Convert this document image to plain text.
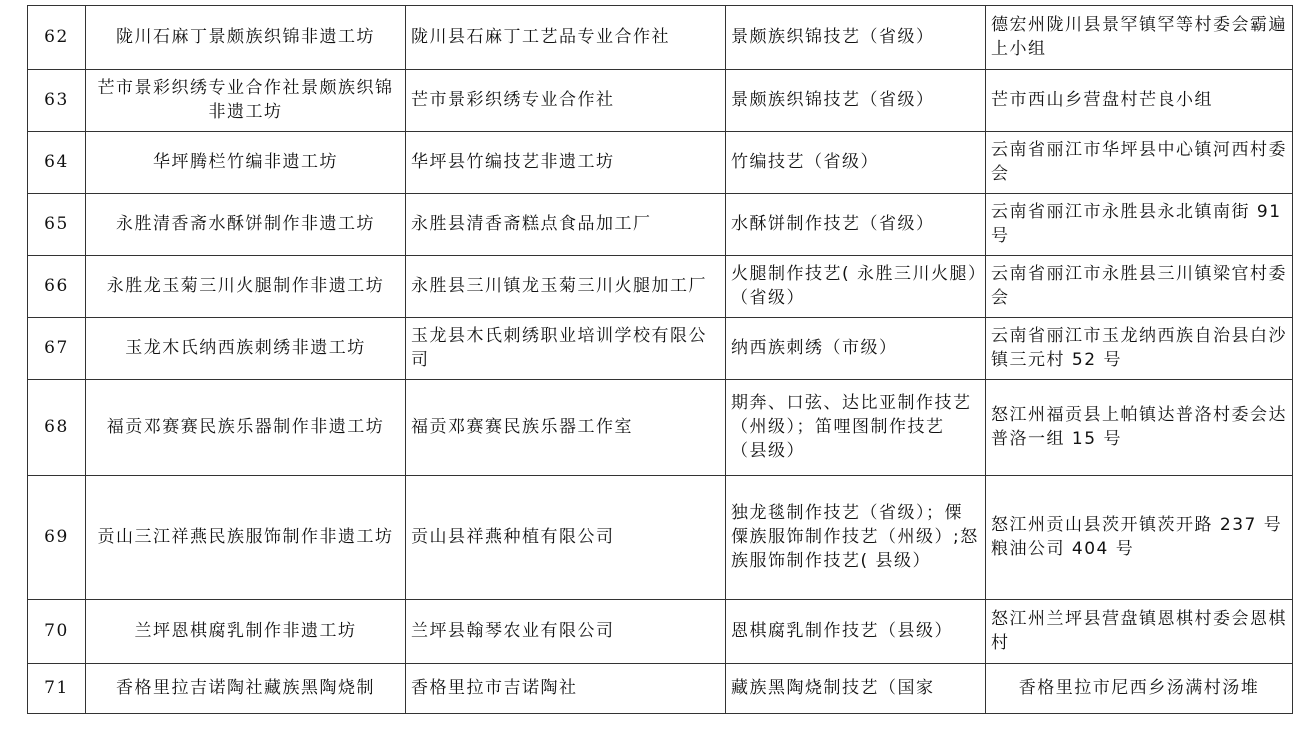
62	陇川石麻丁景颇族织锦非遗工坊	陇川县石麻丁工艺品专业合作社	景颇族织锦技艺（省级）	德宏州陇川县景罕镇罕等村委会霸遍上小组
63	芒市景彩织绣专业合作社景颇族织锦非遗工坊	芒市景彩织绣专业合作社	景颇族织锦技艺（省级）	芒市西山乡营盘村芒良小组
64	华坪腾栏竹编非遗工坊	华坪县竹编技艺非遗工坊	竹编技艺（省级）	云南省丽江市华坪县中心镇河西村委会
65	永胜清香斋水酥饼制作非遗工坊	永胜县清香斋糕点食品加工厂	水酥饼制作技艺（省级）	云南省丽江市永胜县永北镇南街 91 号
66	永胜龙玉菊三川火腿制作非遗工坊	永胜县三川镇龙玉菊三川火腿加工厂	火腿制作技艺( 永胜三川火腿）　（省级）	云南省丽江市永胜县三川镇梁官村委会
67	玉龙木氏纳西族刺绣非遗工坊	玉龙县木氏刺绣职业培训学校有限公司	纳西族刺绣（市级）	云南省丽江市玉龙纳西族自治县白沙镇三元村 52 号
68	福贡邓赛赛民族乐器制作非遗工坊	福贡邓赛赛民族乐器工作室	期奔、口弦、达比亚制作技艺（州级）；笛哩图制作技艺（县级）	怒江州福贡县上帕镇达普洛村委会达普洛一组 15 号
69	贡山三江祥燕民族服饰制作非遗工坊	贡山县祥燕种植有限公司	独龙毯制作技艺（省级）；傈僳族服饰制作技艺（州级）;怒族服饰制作技艺( 县级）	怒江州贡山县茨开镇茨开路 237 号粮油公司 404 号
70	兰坪恩棋腐乳制作非遗工坊	兰坪县翰琴农业有限公司	恩棋腐乳制作技艺（县级）	怒江州兰坪县营盘镇恩棋村委会恩棋村
71	香格里拉吉诺陶社藏族黑陶烧制	香格里拉市吉诺陶社	藏族黑陶烧制技艺（国家	香格里拉市尼西乡汤满村汤堆
